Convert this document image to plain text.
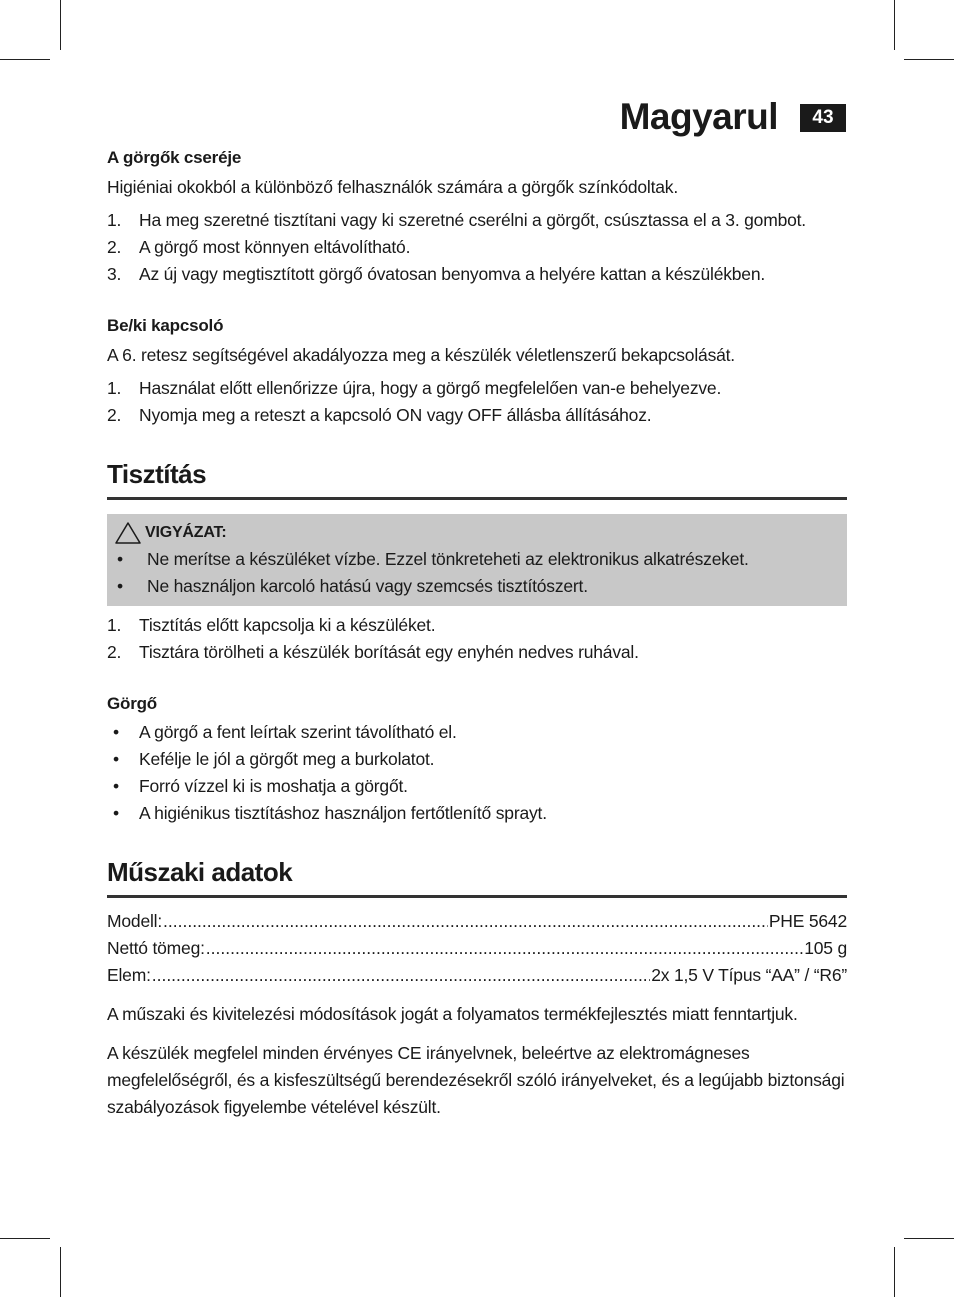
Magyarul	43

A görgők cseréje

Higiéniai okokból a különböző felhasználók számára a görgők színkódoltak.

1. Ha meg szeretné tisztítani vagy ki szeretné cserélni a görgőt, csúsztassa el a 3. gombot.
2. A görgő most könnyen eltávolítható.
3. Az új vagy megtisztított görgő óvatosan benyomva a helyére kattan a készülékben.

Be/ki kapcsoló

A 6. retesz segítségével akadályozza meg a készülék véletlenszerű bekapcsolását.

1. Használat előtt ellenőrizze újra, hogy a görgő megfelelően van-e behelyezve.
2. Nyomja meg a reteszt a kapcsoló ON vagy OFF állásba állításához.
Tisztítás
VIGYÁZAT:
• Ne merítse a készüléket vízbe. Ezzel tönkreteheti az elektronikus alkatrészeket.
• Ne használjon karcoló hatású vagy szemcsés tisztítószert.
1. Tisztítás előtt kapcsolja ki a készüléket.
2. Tisztára törölheti a készülék borítását egy enyhén nedves ruhával.

Görgő

• A görgő a fent leírtak szerint távolítható el.
• Kefélje le jól a görgőt meg a burkolatot.
• Forró vízzel ki is moshatja a görgőt.
• A higiénikus tisztításhoz használjon fertőtlenítő sprayt.
Műszaki adatok
Modell: .....	PHE 5642
Nettó tömeg: .....	105 g
Elem: .....	2x 1,5 V Típus “AA” / “R6”

A műszaki és kivitelezési módosítások jogát a folyamatos termékfejlesztés miatt fenntartjuk.

A készülék megfelel minden érvényes CE irányelvnek, beleértve az elektromágneses megfelelőségről, és a kisfeszültségű berendezésekről szóló irányelveket, és a legújabb biztonsági szabályozások figyelembe vételével készült.
